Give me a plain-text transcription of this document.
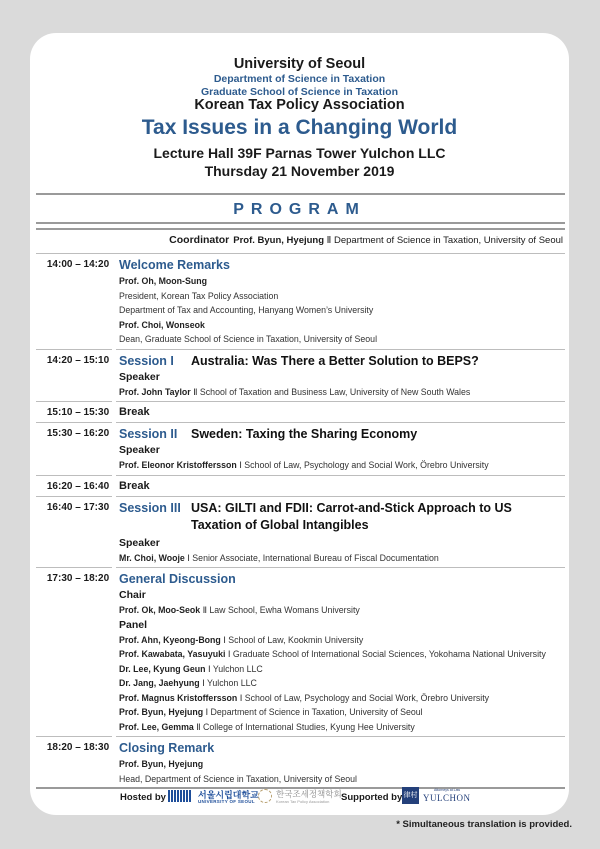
University of Seoul
Department of Science in Taxation
Graduate School of Science in Taxation
Korean Tax Policy Association
Tax Issues in a Changing World
Lecture Hall 39F Parnas Tower Yulchon LLC
Thursday 21 November 2019
PROGRAM
Coordinator Prof. Byun, Hyejung Ⅱ Department of Science in Taxation, University of Seoul
14:00 – 14:20 Welcome Remarks
Prof. Oh, Moon-Sung
President, Korean Tax Policy Association
Department of Tax and Accounting, Hanyang Women’s University
Prof. Choi, Wonseok
Dean, Graduate School of Science in Taxation, University of Seoul
14:20 – 15:10 Session I	Australia: Was There a Better Solution to BEPS?
Speaker
Prof. John Taylor Ⅱ School of Taxation and Business Law, University of New South Wales
15:10 – 15:30 Break
15:30 – 16:20 Session II	Sweden: Taxing the Sharing Economy
Speaker
Prof. Eleonor Kristoffersson Ⅰ School of Law, Psychology and Social Work, Örebro University
16:20 – 16:40 Break
16:40 – 17:30 Session III USA: GILTI and FDII: Carrot-and-Stick Approach to US
Taxation of Global Intangibles
Speaker
Mr. Choi, Wooje Ⅰ Senior Associate, International Bureau of Fiscal Documentation
17:30 – 18:20 General Discussion
Chair
Prof. Ok, Moo-Seok Ⅱ Law School, Ewha Womans University
Panel
Prof. Ahn, Kyeong-Bong Ⅰ School of Law, Kookmin University
Prof. Kawabata, Yasuyuki Ⅰ Graduate School of International Social Sciences, Yokohama National University
Dr. Lee, Kyung Geun Ⅰ Yulchon LLC
Dr. Jang, Jaehyung Ⅰ Yulchon LLC
Prof. Magnus Kristoffersson Ⅰ School of Law, Psychology and Social Work, Örebro University
Prof. Byun, Hyejung Ⅰ Department of Science in Taxation, University of Seoul
Prof. Lee, Gemma Ⅱ College of International Studies, Kyung Hee University
18:20 – 18:30 Closing Remark
Prof. Byun, Hyejung
Head, Department of Science in Taxation, University of Seoul
Hosted by	서울시립대학교
UNIVERSITY OF SEOUL
한국조세정책학회
Korean Tax Policy Association Supported by 律村
Attorneys at Law
YULCHON
* Simultaneous translation is provided.
